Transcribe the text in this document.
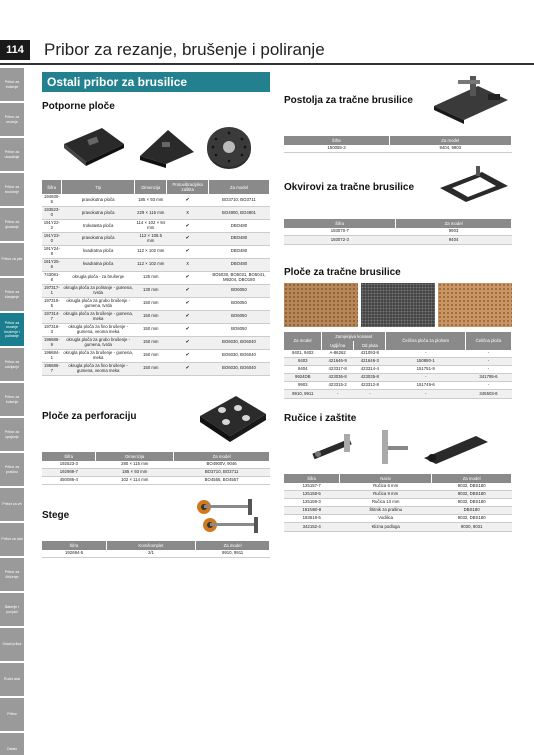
114	Pribor za rezanje, brušenje i poliranje
Pribor za bušenje
Pribor za rezanje
Pribor za ubadanje
Pribor za brušenje
Pribor za glodanje
Pribor za pile
Pribor za blanjanje
Pribor za rezanje brušenje i poliranje
Pribor za odvijanje
Pribor za bušenje
Pribor za spajanje
Pribor za prašinu
Pribor za vrt
Pribor za alat
Pribor za čišćenje
Baterije i punjači
Ostali pribor
Ručni alat
Pribor
Ostalo
Ostali pribor za brusilice
Potporne ploče
Šifra	Tip	Dimenzija	Protuvibracijska zaštita	Za model
194930-6	pravokutna ploča	185 × 93 mm	✔	BO3710, BO3711
193523-0	pravokutna ploča	229 × 115 mm	x	BO4900, BO4901
191Y22-2	trokutasta ploča	114 × 102 × 94 mm	✔	DBO480
191Y23-0	pravokutna ploča	112 × 108.5 mm	✔	DBO480
191Y24-8	kvadratna ploča	112 × 102 mm	✔	DBO480
191Y25-6	kvadratna ploča	112 × 102 mm	x	DBO480
743081-8	okrugla ploča - za brušenje	125 mm	✔	BO5030, BO5031, BO5041, M9204, DBO180
197317-1	okrugla ploča za poliranje - gumena, tvrda	130 mm	✔	BO6050
197315-5	okrugla ploča za grubo brušenje - gumena, tvrda	150 mm	✔	BO6050
197314-7	okrugla ploča za brušenje - gumena, meka	150 mm	✔	BO6050
197316-3	okrugla ploča za fino brušenje - gumena, veoma meka	150 mm	✔	BO6050
196685-9	okrugla ploča za grubo brušenje - gumena, tvrda	150 mm	✔	BO6030, BO6040
196684-1	okrugla ploča za brušenje - gumena, meka	150 mm	✔	BO6030, BO6040
196686-7	okrugla ploča za fino brušenje - gumena, veoma meka	150 mm	✔	BO6030, BO6040
Ploče za perforaciju
Šifra	Dimenzija	Za model
192523-3	280 × 115 mm	BO4900V, 9046
192989-7	185 × 93 mm	BO3710, BO3711
450086-4	102 × 114 mm	BO4555, BO4557
Stege
Šifra	Kom/komplet	Za model
192694-5	2/1	9910, 9911
Postolja za tračne brusilice
Šifra	Za model
150055-3	9404, 9903
Okvirovi za tračne brusilice
Šifra	Za model
193070-7	9903
193072-3	9404
Ploče za tračne brusilice
Za model	Zamjenjiva konaset		Čelična ploča za ploham	Čelična ploča
	Ugljična	Od pluta		
9401, 9402	A-86262	421093-8	-	-
9403	421646-9	421646-3	150880-1	-
9404	423317-8	423314-4	151751-9	-
9924DB	423036-8	423035-8	-	341795-6
9903	423315-2	423312-8	151749-6	-
9910, 9911	-	-	-	345503-8
Ručice i zaštite
Šifra	Naziv	Za model
125157-7	Ručica 6 mm	9032, DBS180
125158-5	Ručica 9 mm	9032, DBS180
125159-3	Ručica 13 mm	9032, DBS180
191N60-8	Štitnik za prašinu	DBS180
193618-5	Vodilica	9032, DBS180
342152-4	Klizna podloga	9030, 9031
